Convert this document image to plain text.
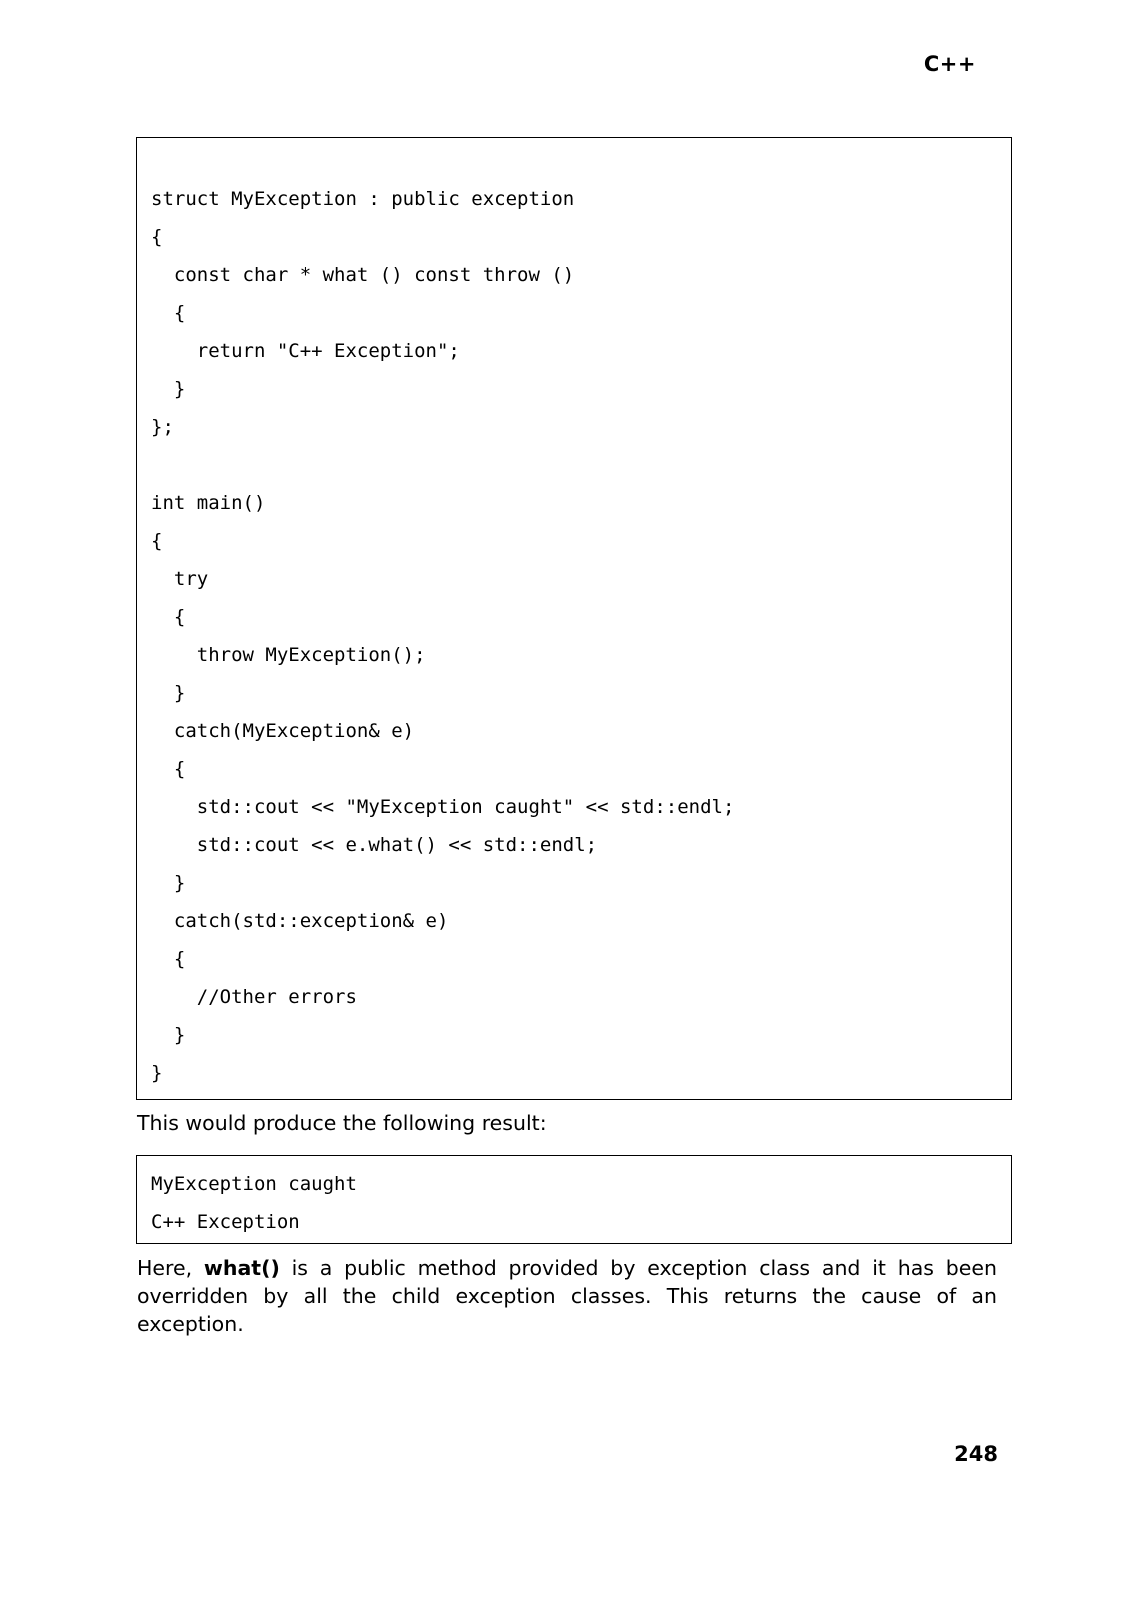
C++
struct MyException : public exception
{
const char * what () const throw ()
{
return "C++ Exception";
}
};
int main()
{
try
{
throw MyException();
}
catch(MyException& e)
{
std::cout << "MyException caught" << std::endl;
std::cout << e.what() << std::endl;
}
catch(std::exception& e)
{
//Other errors
}
}
This would produce the following result:
MyException caught
C++ Exception
Here, what() is a public method provided by exception class and it has been overridden by all the child exception classes. This returns the cause of an exception.
248
